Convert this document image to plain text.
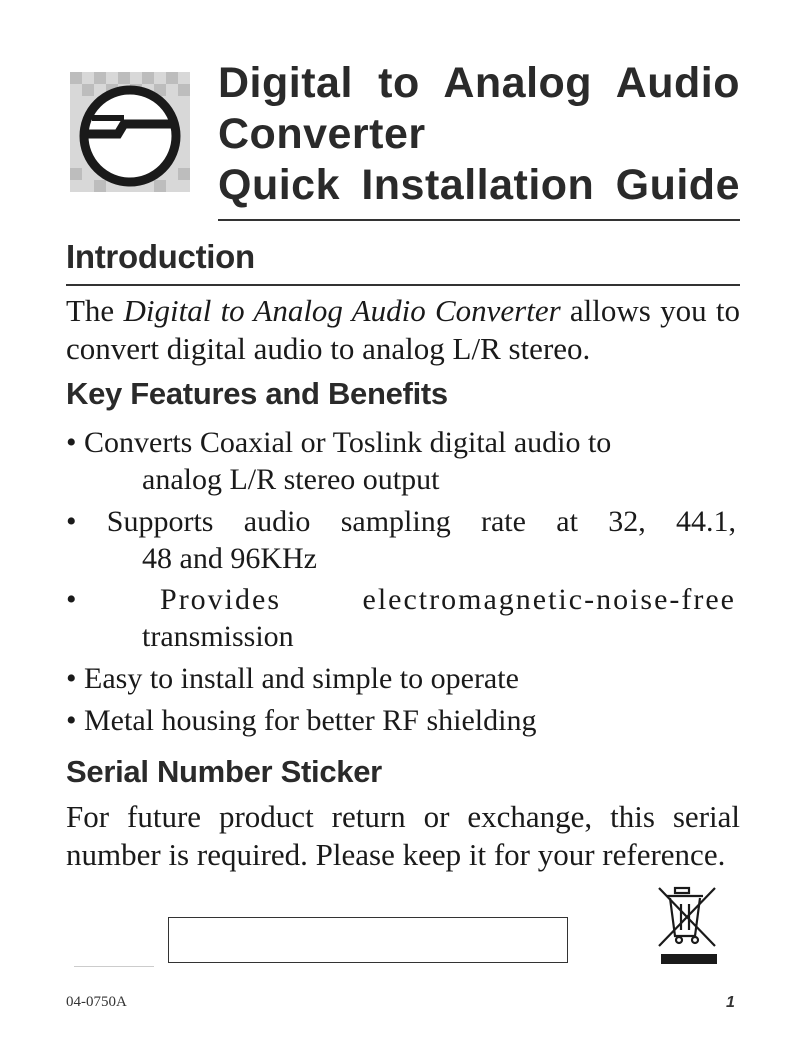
Digital to Analog Audio
Converter
Quick Installation Guide
Introduction
The Digital to Analog Audio Converter allows you to convert digital audio to analog L/R stereo.
Key Features and Benefits
• Converts Coaxial or Toslink digital audio to
analog L/R stereo output
• Supports audio sampling rate at 32, 44.1,
48 and 96KHz
• Provides electromagnetic-noise-free
transmission
• Easy to install and simple to operate
• Metal housing for better RF shielding
Serial Number Sticker
For future product return or exchange, this serial number is required. Please keep it for your reference.
04-0750A	1
